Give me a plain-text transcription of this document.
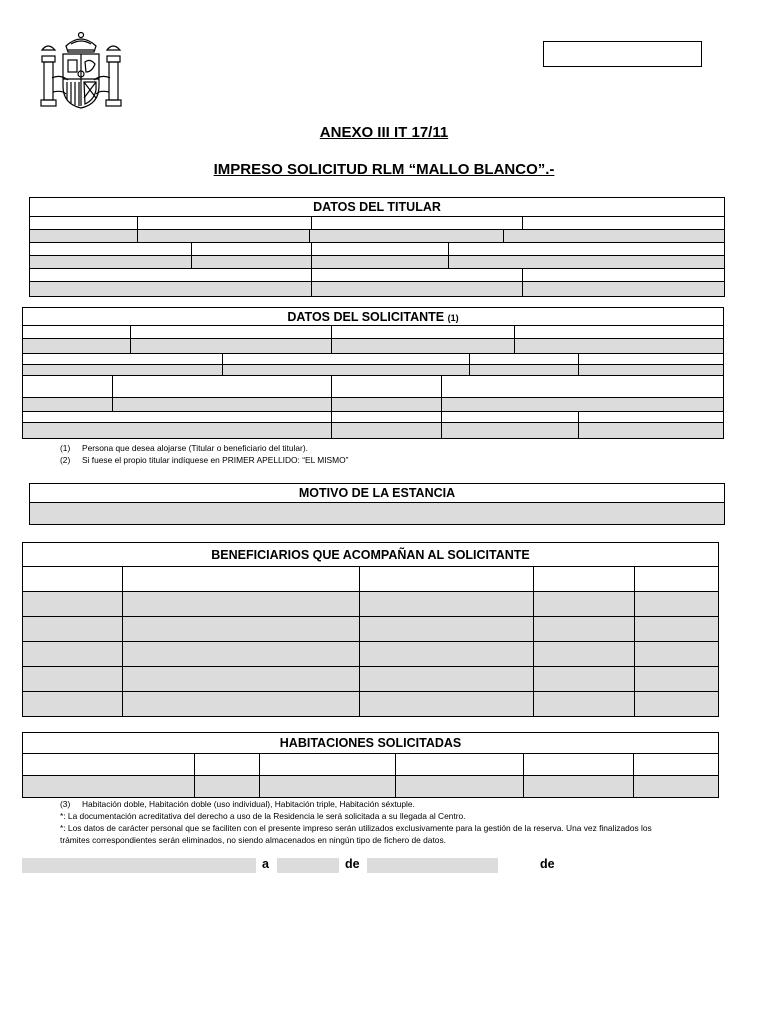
ANEXO III IT 17/11
IMPRESO SOLICITUD RLM “MALLO BLANCO”.-
DATOS DEL TITULAR							

DATOS DEL SOLICITANTE (1)								

(1) Persona que desea alojarse (Titular o beneficiario del titular).
(2) Si fuese el propio titular indíquese en PRIMER APELLIDO: “EL MISMO”
MOTIVO DE LA ESTANCIA

BENEFICIARIOS QUE ACOMPAÑAN AL SOLICITANTE				

HABITACIONES SOLICITADAS					

(3) Habitación doble, Habitación doble (uso individual), Habitación triple, Habitación séxtuple.
*: La documentación acreditativa del derecho a uso de la Residencia le será solicitada a su llegada al Centro.
*: Los datos de carácter personal que se faciliten con el presente impreso serán utilizados exclusivamente para la gestión de la reserva. Una vez finalizados los
trámites correspondientes serán eliminados, no siendo almacenados en ningún tipo de fichero de datos.
a	de	de
